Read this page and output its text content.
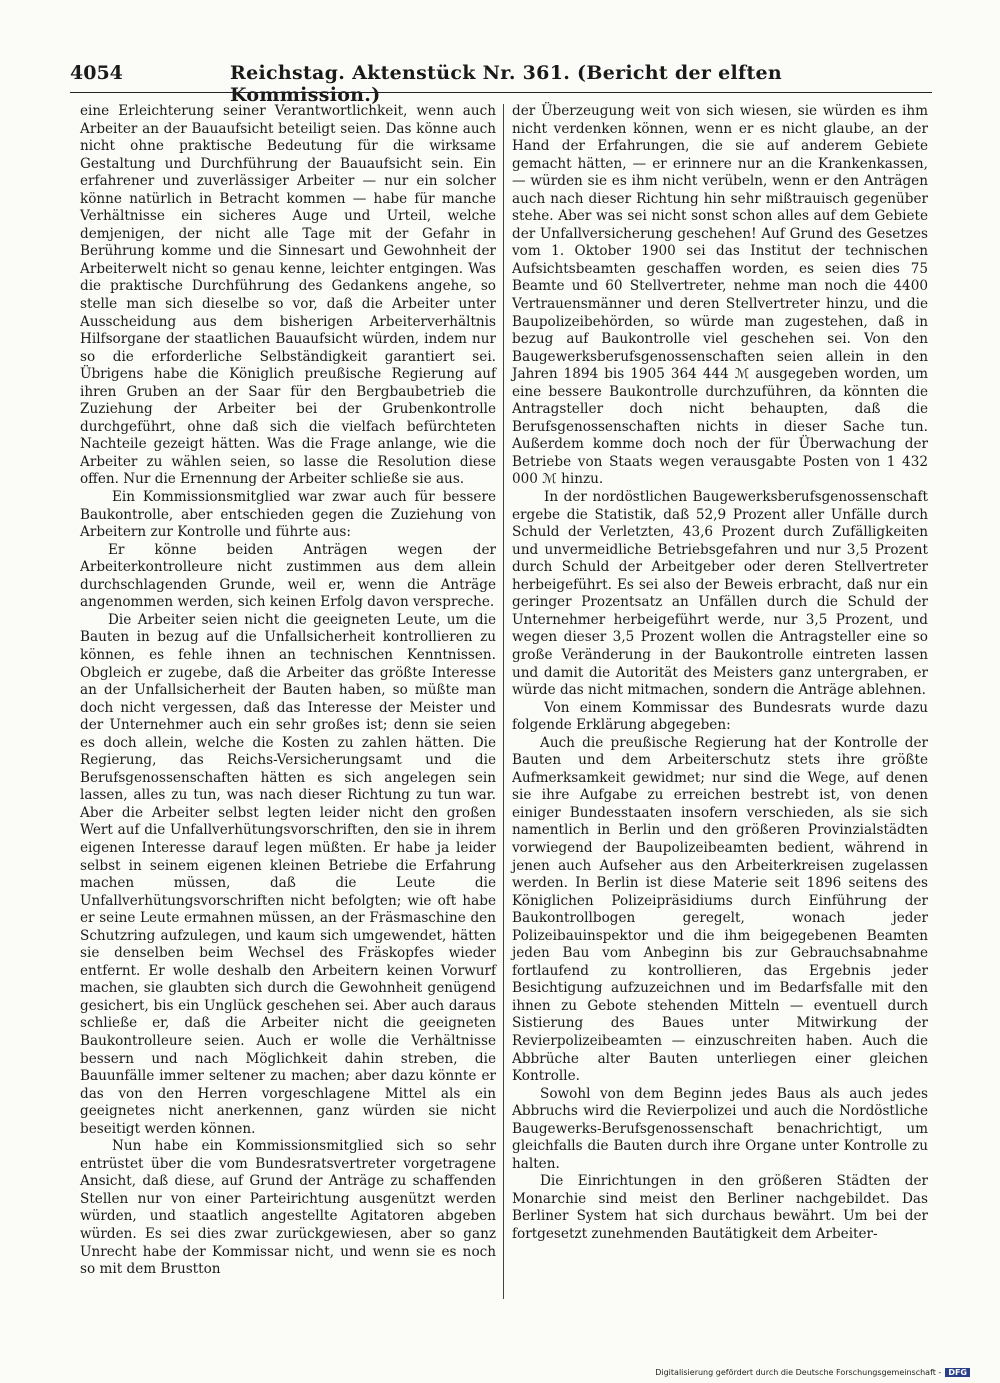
4054	Reichstag. Aktenstück Nr. 361. (Bericht der elften Kommission.)

eine Erleichterung seiner Verantwortlichkeit, wenn auch Arbeiter an der Bauaufsicht beteiligt seien. Das könne auch nicht ohne praktische Bedeutung für die wirksame Gestaltung und Durchführung der Bauaufsicht sein. Ein erfahrener und zuverlässiger Arbeiter — nur ein solcher könne natürlich in Betracht kommen — habe für manche Verhältnisse ein sicheres Auge und Urteil, welche demjenigen, der nicht alle Tage mit der Gefahr in Berührung komme und die Sinnesart und Gewohnheit der Arbeiterwelt nicht so genau kenne, leichter entgingen. Was die praktische Durchführung des Gedankens angehe, so stelle man sich dieselbe so vor, daß die Arbeiter unter Ausscheidung aus dem bisherigen Arbeiterverhältnis Hilfsorgane der staatlichen Bauaufsicht würden, indem nur so die erforderliche Selbständigkeit garantiert sei. Übrigens habe die Königlich preußische Regierung auf ihren Gruben an der Saar für den Bergbaubetrieb die Zuziehung der Arbeiter bei der Grubenkontrolle durchgeführt, ohne daß sich die vielfach befürchteten Nachteile gezeigt hätten. Was die Frage anlange, wie die Arbeiter zu wählen seien, so lasse die Resolution diese offen. Nur die Ernennung der Arbeiter schließe sie aus.

Ein Kommissionsmitglied war zwar auch für bessere Baukontrolle, aber entschieden gegen die Zuziehung von Arbeitern zur Kontrolle und führte aus:

Er könne beiden Anträgen wegen der Arbeiterkontrolleure nicht zustimmen aus dem allein durchschlagenden Grunde, weil er, wenn die Anträge angenommen werden, sich keinen Erfolg davon verspreche.

Die Arbeiter seien nicht die geeigneten Leute, um die Bauten in bezug auf die Unfallsicherheit kontrollieren zu können, es fehle ihnen an technischen Kenntnissen. Obgleich er zugebe, daß die Arbeiter das größte Interesse an der Unfallsicherheit der Bauten haben, so müßte man doch nicht vergessen, daß das Interesse der Meister und der Unternehmer auch ein sehr großes ist; denn sie seien es doch allein, welche die Kosten zu zahlen hätten. Die Regierung, das Reichs-Versicherungsamt und die Berufsgenossenschaften hätten es sich angelegen sein lassen, alles zu tun, was nach dieser Richtung zu tun war. Aber die Arbeiter selbst legten leider nicht den großen Wert auf die Unfallverhütungsvorschriften, den sie in ihrem eigenen Interesse darauf legen müßten. Er habe ja leider selbst in seinem eigenen kleinen Betriebe die Erfahrung machen müssen, daß die Leute die Unfallverhütungsvorschriften nicht befolgten; wie oft habe er seine Leute ermahnen müssen, an der Fräsmaschine den Schutzring aufzulegen, und kaum sich umgewendet, hätten sie denselben beim Wechsel des Fräskopfes wieder entfernt. Er wolle deshalb den Arbeitern keinen Vorwurf machen, sie glaubten sich durch die Gewohnheit genügend gesichert, bis ein Unglück geschehen sei. Aber auch daraus schließe er, daß die Arbeiter nicht die geeigneten Baukontrolleure seien. Auch er wolle die Verhältnisse bessern und nach Möglichkeit dahin streben, die Bauunfälle immer seltener zu machen; aber dazu könnte er das von den Herren vorgeschlagene Mittel als ein geeignetes nicht anerkennen, ganz würden sie nicht beseitigt werden können.

Nun habe ein Kommissionsmitglied sich so sehr entrüstet über die vom Bundesratsvertreter vorgetragene Ansicht, daß diese, auf Grund der Anträge zu schaffenden Stellen nur von einer Parteirichtung ausgenützt werden würden, und staatlich angestellte Agitatoren abgeben würden. Es sei dies zwar zurückgewiesen, aber so ganz Unrecht habe der Kommissar nicht, und wenn sie es noch so mit dem Brustton

der Überzeugung weit von sich wiesen, sie würden es ihm nicht verdenken können, wenn er es nicht glaube, an der Hand der Erfahrungen, die sie auf anderem Gebiete gemacht hätten, — er erinnere nur an die Krankenkassen, — würden sie es ihm nicht verübeln, wenn er den Anträgen auch nach dieser Richtung hin sehr mißtrauisch gegenüber stehe. Aber was sei nicht sonst schon alles auf dem Gebiete der Unfallversicherung geschehen! Auf Grund des Gesetzes vom 1. Oktober 1900 sei das Institut der technischen Aufsichtsbeamten geschaffen worden, es seien dies 75 Beamte und 60 Stellvertreter, nehme man noch die 4400 Vertrauensmänner und deren Stellvertreter hinzu, und die Baupolizeibehörden, so würde man zugestehen, daß in bezug auf Baukontrolle viel geschehen sei. Von den Baugewerksberufsgenossenschaften seien allein in den Jahren 1894 bis 1905 364 444 ℳ ausgegeben worden, um eine bessere Baukontrolle durchzuführen, da könnten die Antragsteller doch nicht behaupten, daß die Berufsgenossenschaften nichts in dieser Sache tun. Außerdem komme doch noch der für Überwachung der Betriebe von Staats wegen verausgabte Posten von 1 432 000 ℳ hinzu.

In der nordöstlichen Baugewerksberufsgenossenschaft ergebe die Statistik, daß 52,9 Prozent aller Unfälle durch Schuld der Verletzten, 43,6 Prozent durch Zufälligkeiten und unvermeidliche Betriebsgefahren und nur 3,5 Prozent durch Schuld der Arbeitgeber oder deren Stellvertreter herbeigeführt. Es sei also der Beweis erbracht, daß nur ein geringer Prozentsatz an Unfällen durch die Schuld der Unternehmer herbeigeführt werde, nur 3,5 Prozent, und wegen dieser 3,5 Prozent wollen die Antragsteller eine so große Veränderung in der Baukontrolle eintreten lassen und damit die Autorität des Meisters ganz untergraben, er würde das nicht mitmachen, sondern die Anträge ablehnen.

Von einem Kommissar des Bundesrats wurde dazu folgende Erklärung abgegeben:

Auch die preußische Regierung hat der Kontrolle der Bauten und dem Arbeiterschutz stets ihre größte Aufmerksamkeit gewidmet; nur sind die Wege, auf denen sie ihre Aufgabe zu erreichen bestrebt ist, von denen einiger Bundesstaaten insofern verschieden, als sie sich namentlich in Berlin und den größeren Provinzialstädten vorwiegend der Baupolizeibeamten bedient, während in jenen auch Aufseher aus den Arbeiterkreisen zugelassen werden. In Berlin ist diese Materie seit 1896 seitens des Königlichen Polizeipräsidiums durch Einführung der Baukontrollbogen geregelt, wonach jeder Polizeibauinspektor und die ihm beigegebenen Beamten jeden Bau vom Anbeginn bis zur Gebrauchsabnahme fortlaufend zu kontrollieren, das Ergebnis jeder Besichtigung aufzuzeichnen und im Bedarfsfalle mit den ihnen zu Gebote stehenden Mitteln — eventuell durch Sistierung des Baues unter Mitwirkung der Revierpolizeibeamten — einzuschreiten haben. Auch die Abbrüche alter Bauten unterliegen einer gleichen Kontrolle.

Sowohl von dem Beginn jedes Baus als auch jedes Abbruchs wird die Revierpolizei und auch die Nordöstliche Baugewerks-Berufsgenossenschaft benachrichtigt, um gleichfalls die Bauten durch ihre Organe unter Kontrolle zu halten.

Die Einrichtungen in den größeren Städten der Monarchie sind meist den Berliner nachgebildet. Das Berliner System hat sich durchaus bewährt. Um bei der fortgesetzt zunehmenden Bautätigkeit dem Arbeiter-

Digitalisierung gefördert durch die Deutsche Forschungsgemeinschaft - DFG
